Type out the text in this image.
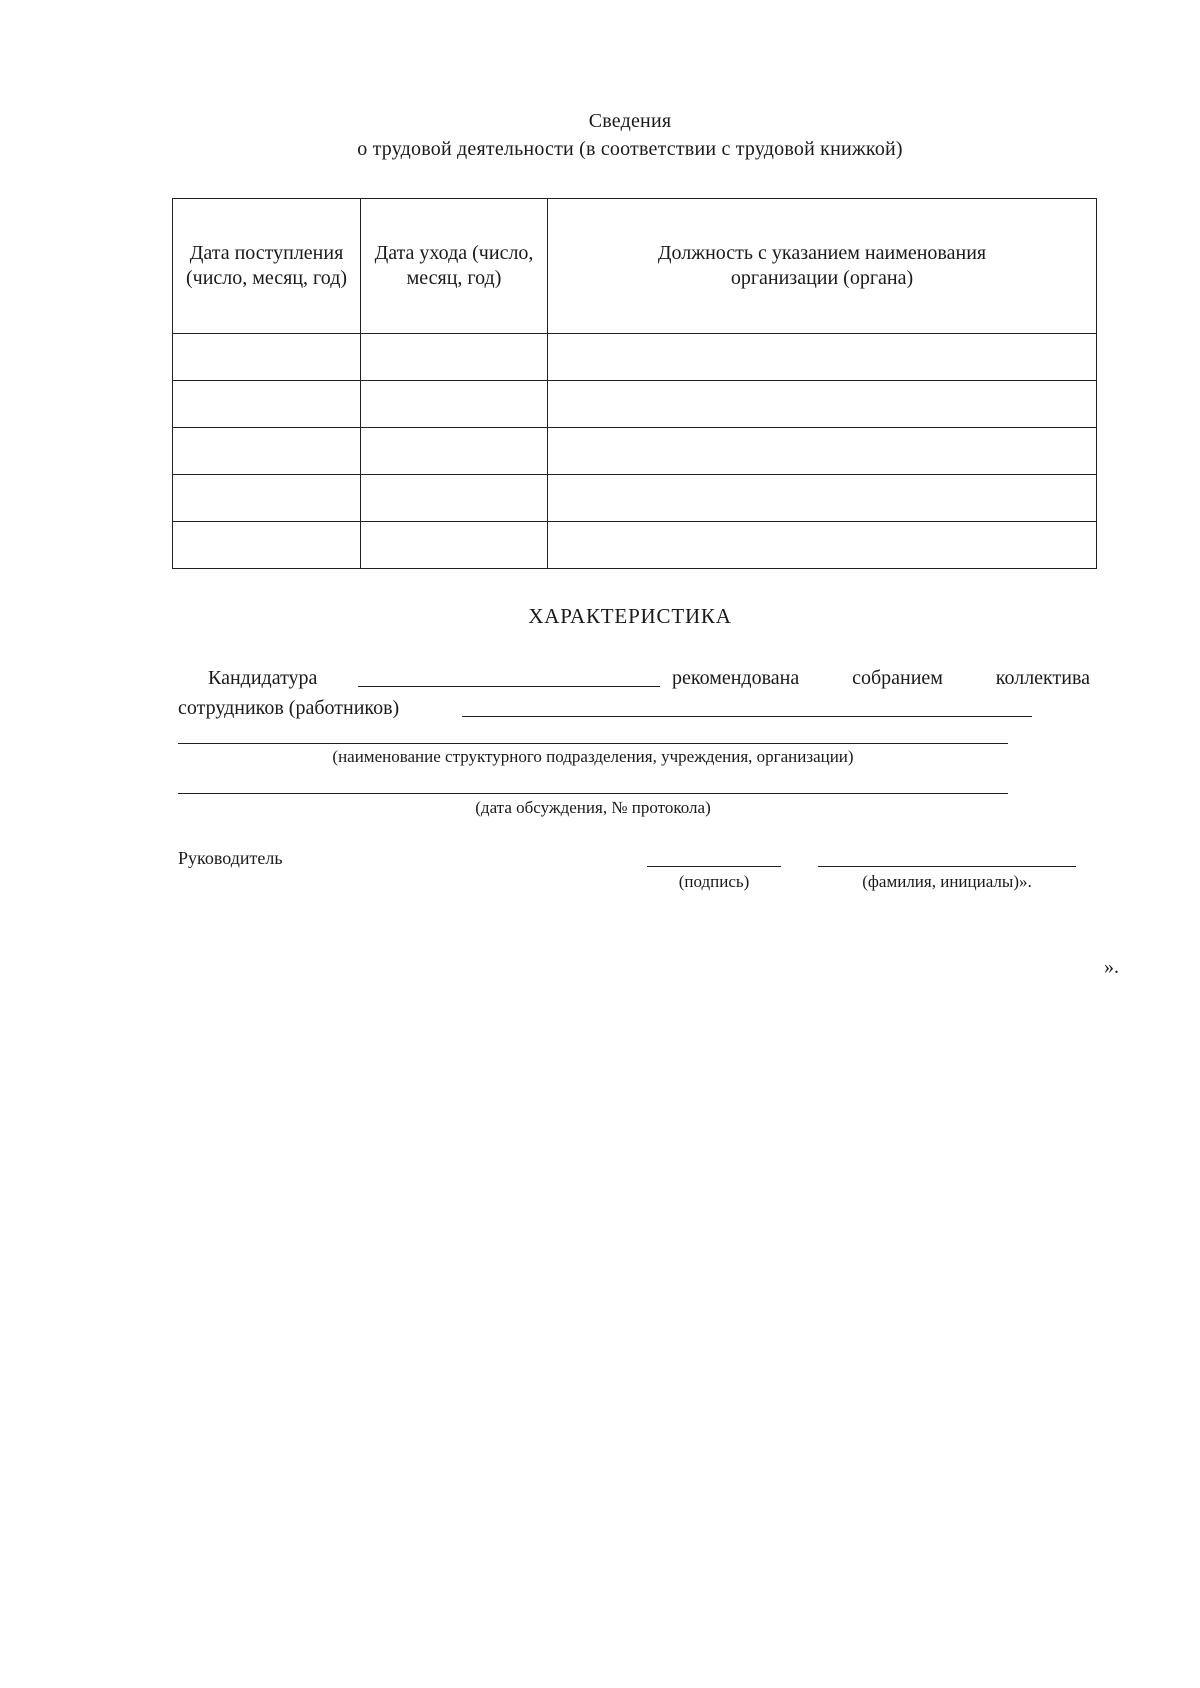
Сведения
о трудовой деятельности (в соответствии с трудовой книжкой)
Дата поступления (число, месяц, год)	Дата ухода (число, месяц, год)	Должность с указанием наименования организации (органа)

ХАРАКТЕРИСТИКА
Кандидатура	рекомендована собранием коллектива
сотрудников (работников)
(наименование структурного подразделения, учреждения, организации)
(дата обсуждения, № протокола)
Руководитель
(подпись)	(фамилия, инициалы)».
».
